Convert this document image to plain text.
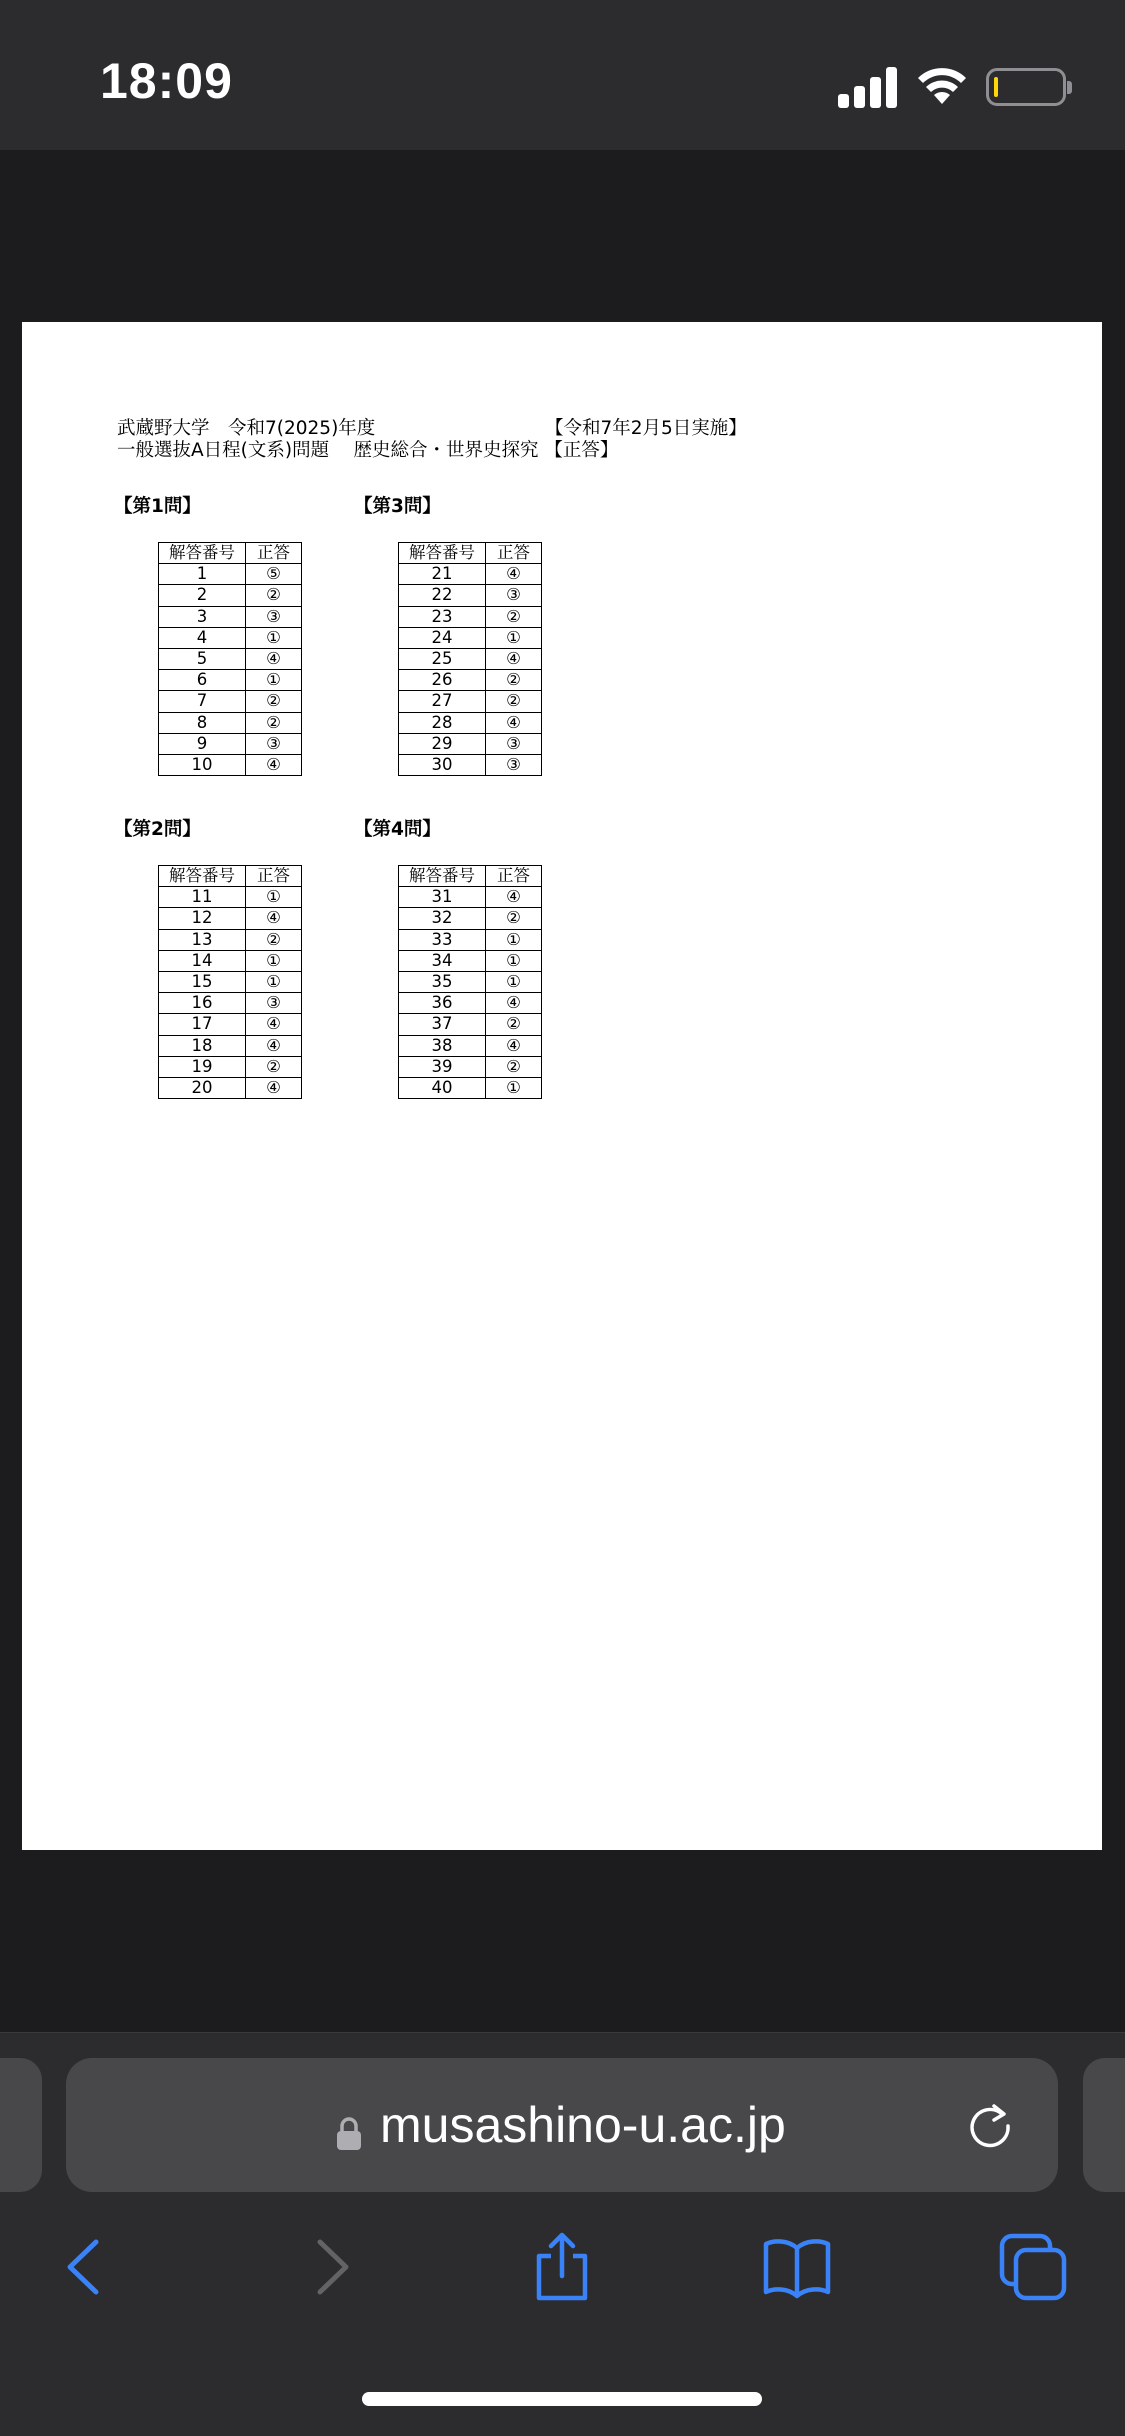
18:09
武蔵野大学　令和7(2025)年度	【令和7年2月5日実施】
一般選抜A日程(文系)問題　 歴史総合・世界史探究 【正答】
【第1問】
解答番号	正答
1	⑤
2	②
3	③
4	①
5	④
6	①
7	②
8	②
9	③
10	④
【第3問】
解答番号	正答
21	④
22	③
23	②
24	①
25	④
26	②
27	②
28	④
29	③
30	③
【第2問】
解答番号	正答
11	①
12	④
13	②
14	①
15	①
16	③
17	④
18	④
19	②
20	④
【第4問】
解答番号	正答
31	④
32	②
33	①
34	①
35	①
36	④
37	②
38	④
39	②
40	①
musashino-u.ac.jp
